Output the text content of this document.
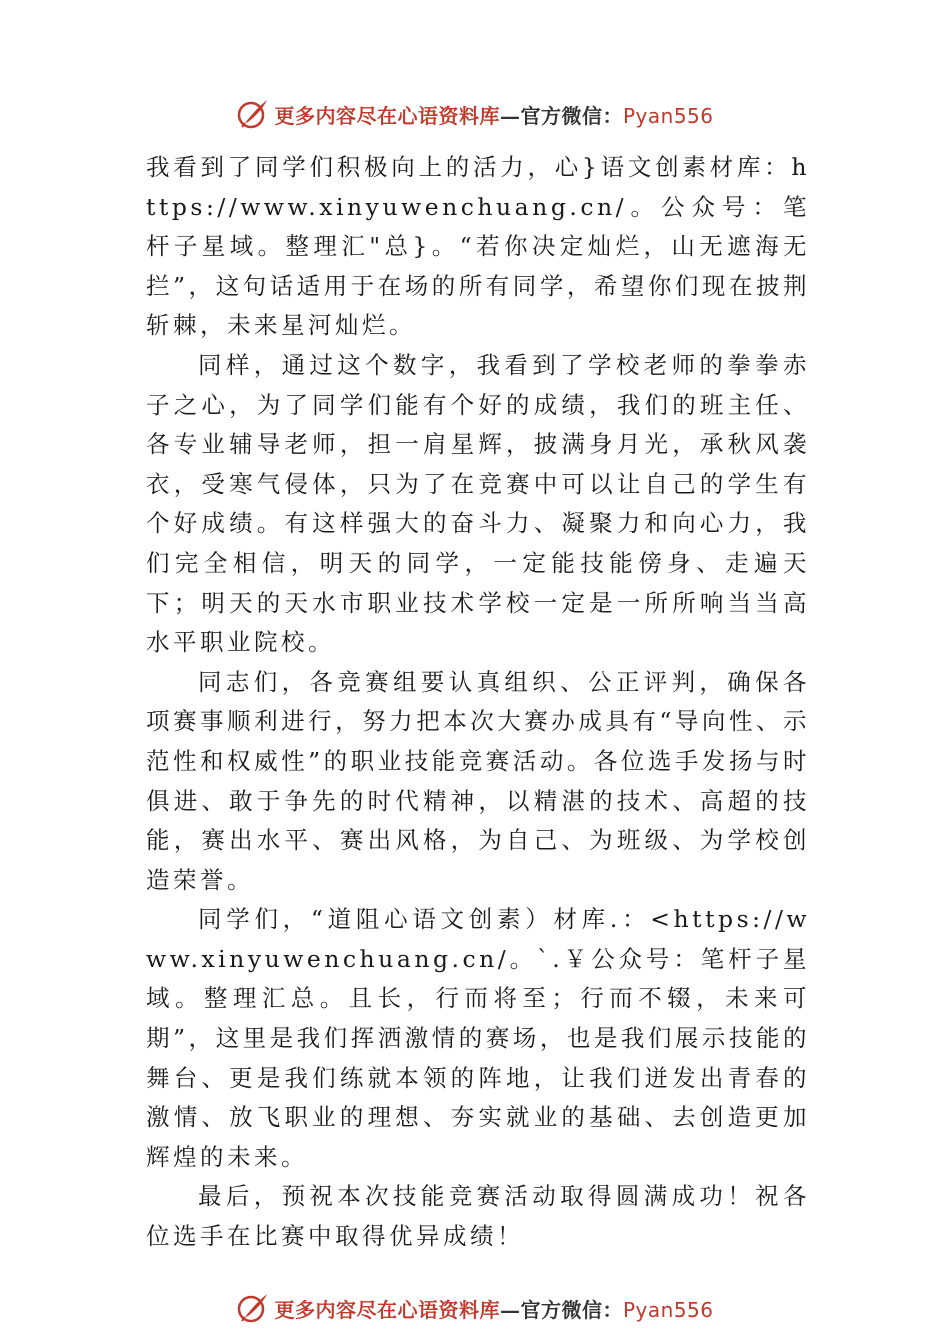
更多内容尽在心语资料库—官方微信：Pyan556

我看到了同学们积极向上的活力，心}语文创素材库：https://www.xinyuwenchuang.cn/。公众号：笔杆子星域。整理汇"总}。“若你决定灿烂，山无遮海无拦”，这句话适用于在场的所有同学，希望你们现在披荆斩棘，未来星河灿烂。

同样，通过这个数字，我看到了学校老师的拳拳赤子之心，为了同学们能有个好的成绩，我们的班主任、各专业辅导老师，担一肩星辉，披满身月光，承秋风袭衣，受寒气侵体，只为了在竞赛中可以让自己的学生有个好成绩。有这样强大的奋斗力、凝聚力和向心力，我们完全相信，明天的同学，一定能技能傍身、走遍天下；明天的天水市职业技术学校一定是一所所响当当高水平职业院校。

同志们，各竞赛组要认真组织、公正评判，确保各项赛事顺利进行，努力把本次大赛办成具有“导向性、示范性和权威性”的职业技能竞赛活动。各位选手发扬与时俱进、敢于争先的时代精神，以精湛的技术、高超的技能，赛出水平、赛出风格，为自己、为班级、为学校创造荣誉。

同学们，“道阻心语文创素）材库.：<https://www.xinyuwenchuang.cn/。`.￥公众号：笔杆子星域。整理汇总。且长，行而将至；行而不辍，未来可期”，这里是我们挥洒激情的赛场，也是我们展示技能的舞台、更是我们练就本领的阵地，让我们迸发出青春的激情、放飞职业的理想、夯实就业的基础、去创造更加辉煌的未来。

最后，预祝本次技能竞赛活动取得圆满成功！祝各位选手在比赛中取得优异成绩！

更多内容尽在心语资料库—官方微信：Pyan556
